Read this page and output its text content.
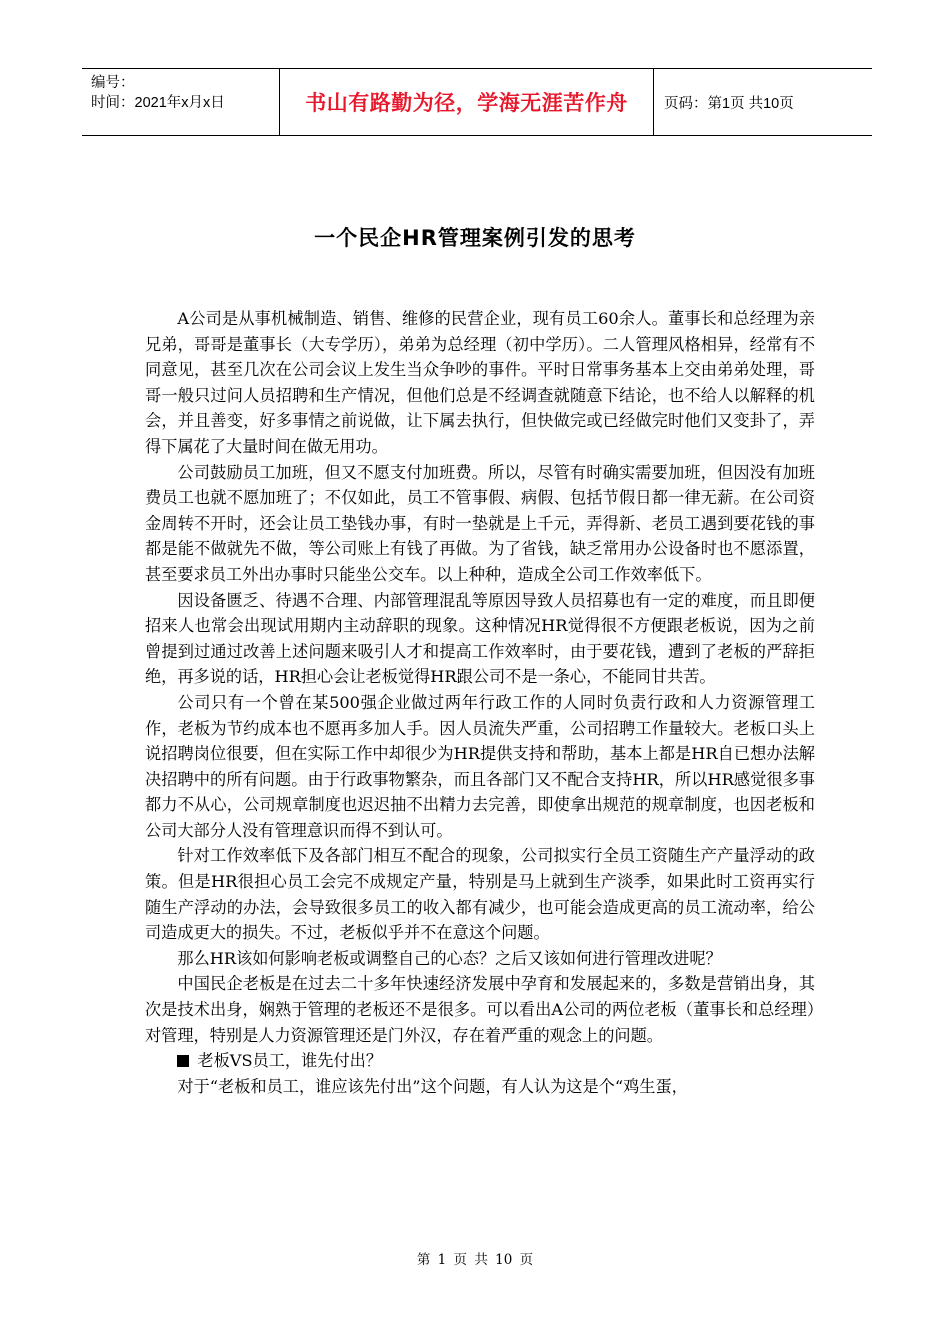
编号：
时间：2021年x月x日	书山有路勤为径，学海无涯苦作舟	页码：第1页 共10页
一个民企HR管理案例引发的思考

A公司是从事机械制造、销售、维修的民营企业，现有员工60余人。董事长和总经理为亲兄弟，哥哥是董事长（大专学历），弟弟为总经理（初中学历）。二人管理风格相异，经常有不同意见，甚至几次在公司会议上发生当众争吵的事件。平时日常事务基本上交由弟弟处理，哥哥一般只过问人员招聘和生产情况，但他们总是不经调查就随意下结论，也不给人以解释的机会，并且善变，好多事情之前说做，让下属去执行，但快做完或已经做完时他们又变卦了，弄得下属花了大量时间在做无用功。

公司鼓励员工加班，但又不愿支付加班费。所以，尽管有时确实需要加班，但因没有加班费员工也就不愿加班了；不仅如此，员工不管事假、病假、包括节假日都一律无薪。在公司资金周转不开时，还会让员工垫钱办事，有时一垫就是上千元，弄得新、老员工遇到要花钱的事都是能不做就先不做，等公司账上有钱了再做。为了省钱，缺乏常用办公设备时也不愿添置，甚至要求员工外出办事时只能坐公交车。以上种种，造成全公司工作效率低下。

因设备匮乏、待遇不合理、内部管理混乱等原因导致人员招募也有一定的难度，而且即便招来人也常会出现试用期内主动辞职的现象。这种情况HR觉得很不方便跟老板说，因为之前曾提到过通过改善上述问题来吸引人才和提高工作效率时，由于要花钱，遭到了老板的严辞拒绝，再多说的话，HR担心会让老板觉得HR跟公司不是一条心，不能同甘共苦。

公司只有一个曾在某500强企业做过两年行政工作的人同时负责行政和人力资源管理工作，老板为节约成本也不愿再多加人手。因人员流失严重，公司招聘工作量较大。老板口头上说招聘岗位很要，但在实际工作中却很少为HR提供支持和帮助，基本上都是HR自已想办法解决招聘中的所有问题。由于行政事物繁杂，而且各部门又不配合支持HR，所以HR感觉很多事都力不从心，公司规章制度也迟迟抽不出精力去完善，即使拿出规范的规章制度，也因老板和公司大部分人没有管理意识而得不到认可。

针对工作效率低下及各部门相互不配合的现象，公司拟实行全员工资随生产产量浮动的政策。但是HR很担心员工会完不成规定产量，特别是马上就到生产淡季，如果此时工资再实行随生产浮动的办法，会导致很多员工的收入都有减少，也可能会造成更高的员工流动率，给公司造成更大的损失。不过，老板似乎并不在意这个问题。

那么HR该如何影响老板或调整自己的心态？之后又该如何进行管理改进呢？

中国民企老板是在过去二十多年快速经济发展中孕育和发展起来的，多数是营销出身，其次是技术出身，娴熟于管理的老板还不是很多。可以看出A公司的两位老板（董事长和总经理）对管理，特别是人力资源管理还是门外汉，存在着严重的观念上的问题。

老板VS员工，谁先付出？

对于“老板和员工，谁应该先付出”这个问题，有人认为这是个“鸡生蛋，

第 1 页 共 10 页
